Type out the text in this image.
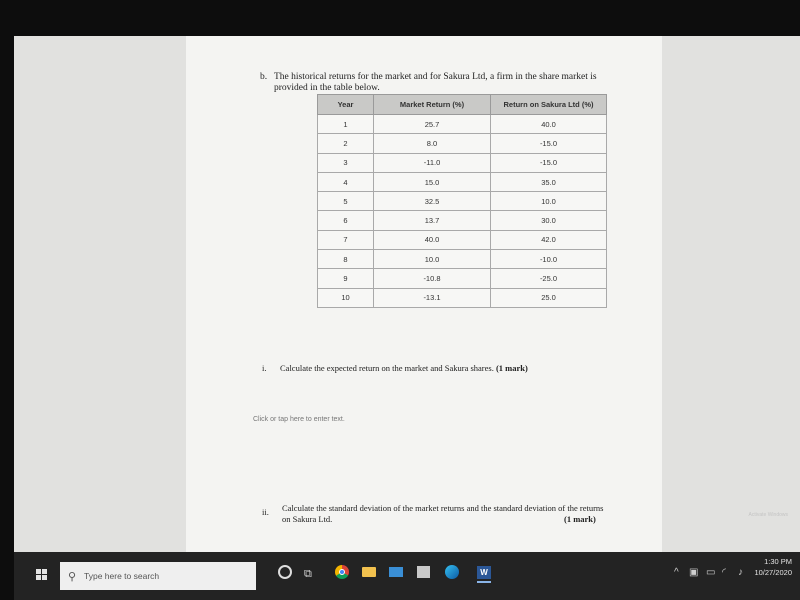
b. The historical returns for the market and for Sakura Ltd, a firm in the share market is provided in the table below.
Year	Market Return (%)	Return on Sakura Ltd (%)
1	25.7	40.0
2	8.0	-15.0
3	-11.0	-15.0
4	15.0	35.0
5	32.5	10.0
6	13.7	30.0
7	40.0	42.0
8	10.0	-10.0
9	-10.8	-25.0
10	-13.1	25.0
i. Calculate the expected return on the market and Sakura shares. (1 mark)
Click or tap here to enter text.
ii. Calculate the standard deviation of the market returns and the standard deviation of the returns on Sakura Ltd.	(1 mark)	Activate Windows
⚲ Type here to search	⧉	W	^ ▣ ▭ ◜ ♪
1:30 PM
10/27/2020
